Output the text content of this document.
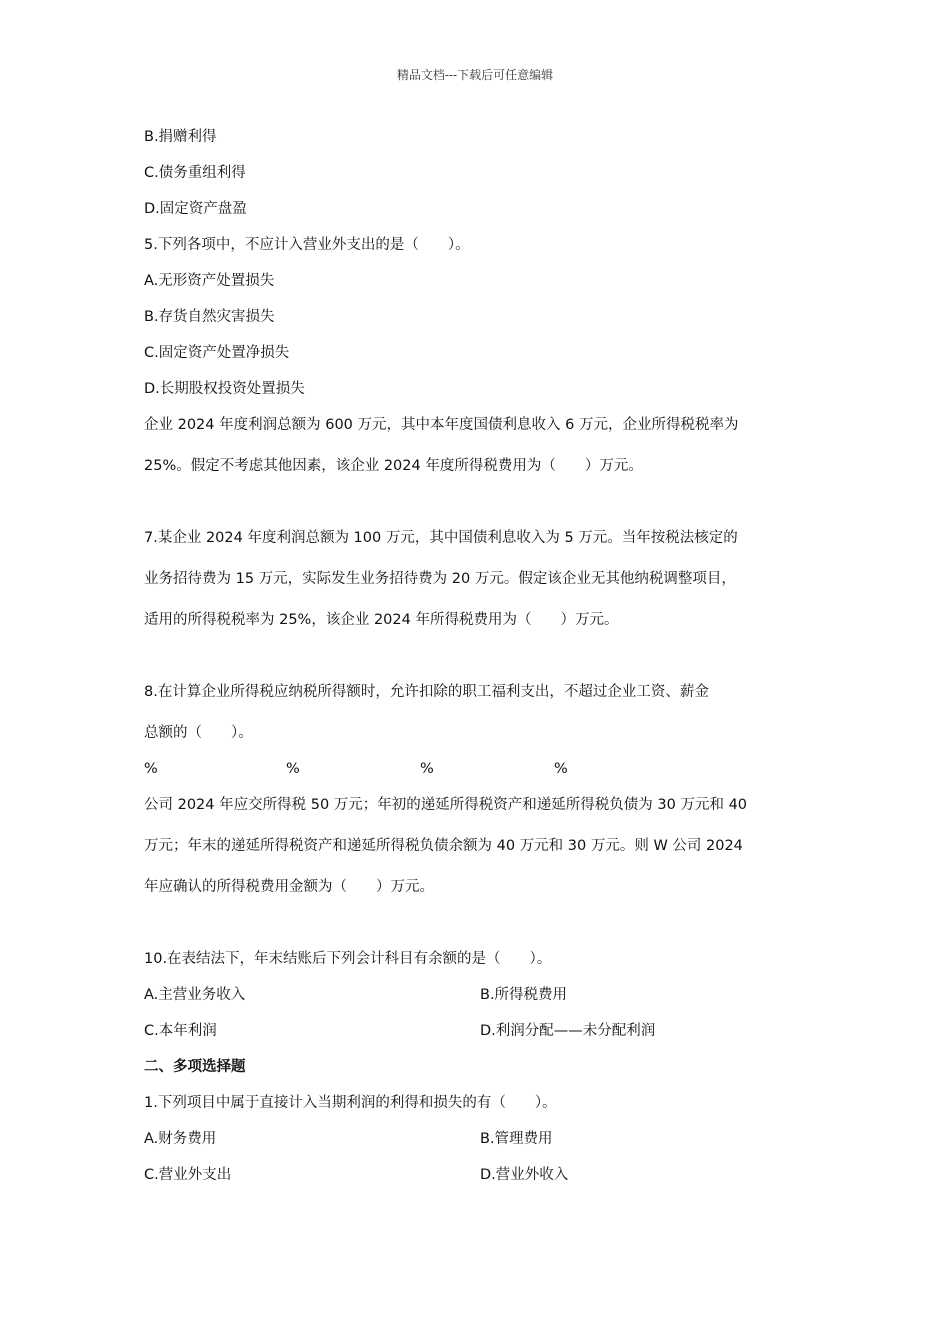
精品文档---下载后可任意编辑
B.捐赠利得
C.债务重组利得
D.固定资产盘盈
5.下列各项中，不应计入营业外支出的是（　　）。
A.无形资产处置损失
B.存货自然灾害损失
C.固定资产处置净损失
D.长期股权投资处置损失
企业 2024 年度利润总额为 600 万元，其中本年度国债利息收入 6 万元，企业所得税税率为
25%。假定不考虑其他因素，该企业 2024 年度所得税费用为（　　）万元。
7.某企业 2024 年度利润总额为 100 万元，其中国债利息收入为 5 万元。当年按税法核定的
业务招待费为 15 万元，实际发生业务招待费为 20 万元。假定该企业无其他纳税调整项目，
适用的所得税税率为 25%，该企业 2024 年所得税费用为（　　）万元。
8.在计算企业所得税应纳税所得额时，允许扣除的职工福利支出，不超过企业工资、薪金
总额的（　　）。
%	%	%	%
公司 2024 年应交所得税 50 万元；年初的递延所得税资产和递延所得税负债为 30 万元和 40
万元；年末的递延所得税资产和递延所得税负债余额为 40 万元和 30 万元。则 W 公司 2024
年应确认的所得税费用金额为（　　）万元。
10.在表结法下，年末结账后下列会计科目有余额的是（　　）。
A.主营业务收入	B.所得税费用
C.本年利润	D.利润分配——未分配利润
二、多项选择题
1.下列项目中属于直接计入当期利润的利得和损失的有（　　）。
A.财务费用	B.管理费用
C.营业外支出	D.营业外收入
